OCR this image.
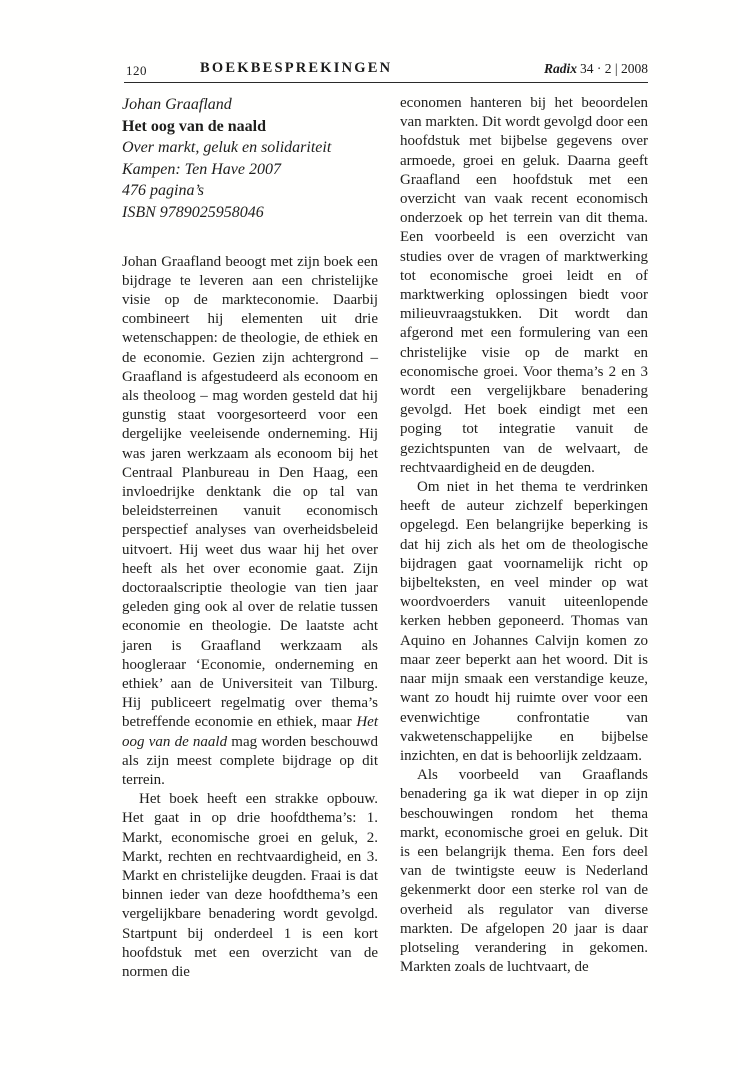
120	BOEKBESPREKINGEN	Radix 34 · 2 | 2008
Johan Graafland
Het oog van de naald
Over markt, geluk en solidariteit
Kampen: Ten Have 2007
476 pagina’s
ISBN 9789025958046

Johan Graafland beoogt met zijn boek een bijdrage te leveren aan een christelijke visie op de markteconomie. Daarbij combineert hij elementen uit drie wetenschappen: de theologie, de ethiek en de economie. Gezien zijn achtergrond – Graafland is afgestudeerd als econoom en als theoloog – mag worden gesteld dat hij gunstig staat voorgesorteerd voor een dergelijke veeleisende onderneming. Hij was jaren werkzaam als econoom bij het Centraal Planbureau in Den Haag, een invloedrijke denktank die op tal van beleidsterreinen vanuit economisch perspectief analyses van overheidsbeleid uitvoert. Hij weet dus waar hij het over heeft als het over economie gaat. Zijn doctoraalscriptie theologie van tien jaar geleden ging ook al over de relatie tussen economie en theologie. De laatste acht jaren is Graafland werkzaam als hoogleraar ‘Economie, onderneming en ethiek’ aan de Universiteit van Tilburg. Hij publiceert regelmatig over thema’s betreffende economie en ethiek, maar Het oog van de naald mag worden beschouwd als zijn meest complete bijdrage op dit terrein.

Het boek heeft een strakke opbouw. Het gaat in op drie hoofdthema’s: 1. Markt, economische groei en geluk, 2. Markt, rechten en rechtvaardigheid, en 3. Markt en christelijke deugden. Fraai is dat binnen ieder van deze hoofdthema’s een vergelijkbare benadering wordt gevolgd. Startpunt bij onderdeel 1 is een kort hoofdstuk met een overzicht van de normen die

economen hanteren bij het beoordelen van markten. Dit wordt gevolgd door een hoofdstuk met bijbelse gegevens over armoede, groei en geluk. Daarna geeft Graafland een hoofdstuk met een overzicht van vaak recent economisch onderzoek op het terrein van dit thema. Een voorbeeld is een overzicht van studies over de vragen of marktwerking tot economische groei leidt en of marktwerking oplossingen biedt voor milieuvraagstukken. Dit wordt dan afgerond met een formulering van een christelijke visie op de markt en economische groei. Voor thema’s 2 en 3 wordt een vergelijkbare benadering gevolgd. Het boek eindigt met een poging tot integratie vanuit de gezichtspunten van de welvaart, de rechtvaardigheid en de deugden.

Om niet in het thema te verdrinken heeft de auteur zichzelf beperkingen opgelegd. Een belangrijke beperking is dat hij zich als het om de theologische bijdragen gaat voornamelijk richt op bijbelteksten, en veel minder op wat woordvoerders vanuit uiteenlopende kerken hebben geponeerd. Thomas van Aquino en Johannes Calvijn komen zo maar zeer beperkt aan het woord. Dit is naar mijn smaak een verstandige keuze, want zo houdt hij ruimte over voor een evenwichtige confrontatie van vakwetenschappelijke en bijbelse inzichten, en dat is behoorlijk zeldzaam.

Als voorbeeld van Graaflands benadering ga ik wat dieper in op zijn beschouwingen rondom het thema markt, economische groei en geluk. Dit is een belangrijk thema. Een fors deel van de twintigste eeuw is Nederland gekenmerkt door een sterke rol van de overheid als regulator van diverse markten. De afgelopen 20 jaar is daar plotseling verandering in gekomen. Markten zoals de luchtvaart, de
